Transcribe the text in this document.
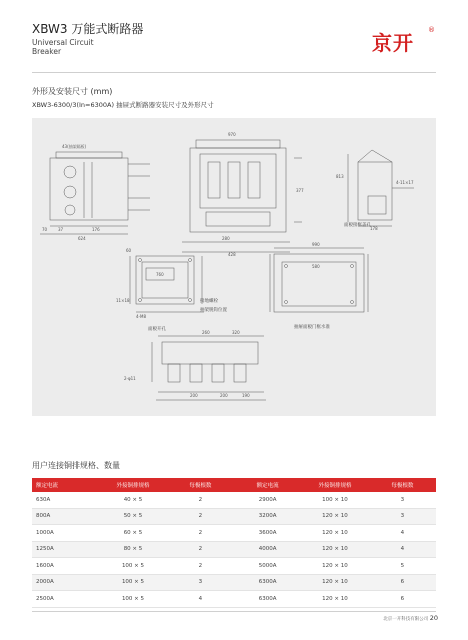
XBW3 万能式断路器
Universal Circuit
Breaker	京开
®
外形及安装尺寸 (mm)
XBW3-6300/3(In=6300A) 抽屉式断路器安装尺寸及外形尺寸
43(抽架隔板)
70	37	176
624
970
280
428
377
178
813
4-11×17
60
760
990
580
11×18
4-M8
260	320
2-φ11
200	200	190
面板开孔	抽屉面板门框水准
面板接框盖孔
接地螺栓
抽架脱钩位置
用户连接铜排规格、数量
额定电流	外接铜排规格	每极根数	额定电流	外接铜排规格	每极根数
630A	40 × 5	2	2900A	100 × 10	3
800A	50 × 5	2	3200A	120 × 10	3
1000A	60 × 5	2	3600A	120 × 10	4
1250A	80 × 5	2	4000A	120 × 10	4
1600A	100 × 5	2	5000A	120 × 10	5
2000A	100 × 5	3	6300A	120 × 10	6
2500A	100 × 5	4	6300A	120 × 10	6
北京一开科技有限公司 20
